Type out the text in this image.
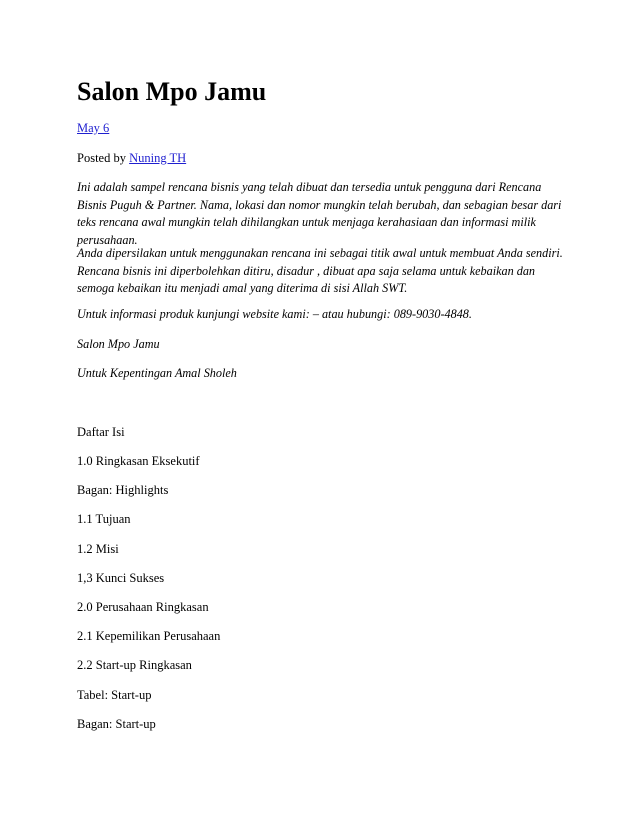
Salon Mpo Jamu
May 6
Posted by Nuning TH
Ini adalah sampel rencana bisnis yang telah dibuat dan tersedia untuk pengguna dari Rencana Bisnis Puguh & Partner. Nama, lokasi dan nomor mungkin telah berubah, dan sebagian besar dari teks rencana awal mungkin telah dihilangkan untuk menjaga kerahasiaan dan informasi milik perusahaan.
Anda dipersilakan untuk menggunakan rencana ini sebagai titik awal untuk membuat Anda sendiri. Rencana bisnis ini diperbolehkan ditiru, disadur , dibuat apa saja selama untuk kebaikan dan semoga kebaikan itu menjadi amal yang diterima di sisi Allah SWT.
Untuk informasi produk kunjungi website kami: – atau hubungi: 089-9030-4848.
Salon Mpo Jamu
Untuk Kepentingan Amal Sholeh
Daftar Isi
1.0 Ringkasan Eksekutif
Bagan: Highlights
1.1 Tujuan
1.2 Misi
1,3 Kunci Sukses
2.0 Perusahaan Ringkasan
2.1 Kepemilikan Perusahaan
2.2 Start-up Ringkasan
Tabel: Start-up
Bagan: Start-up
